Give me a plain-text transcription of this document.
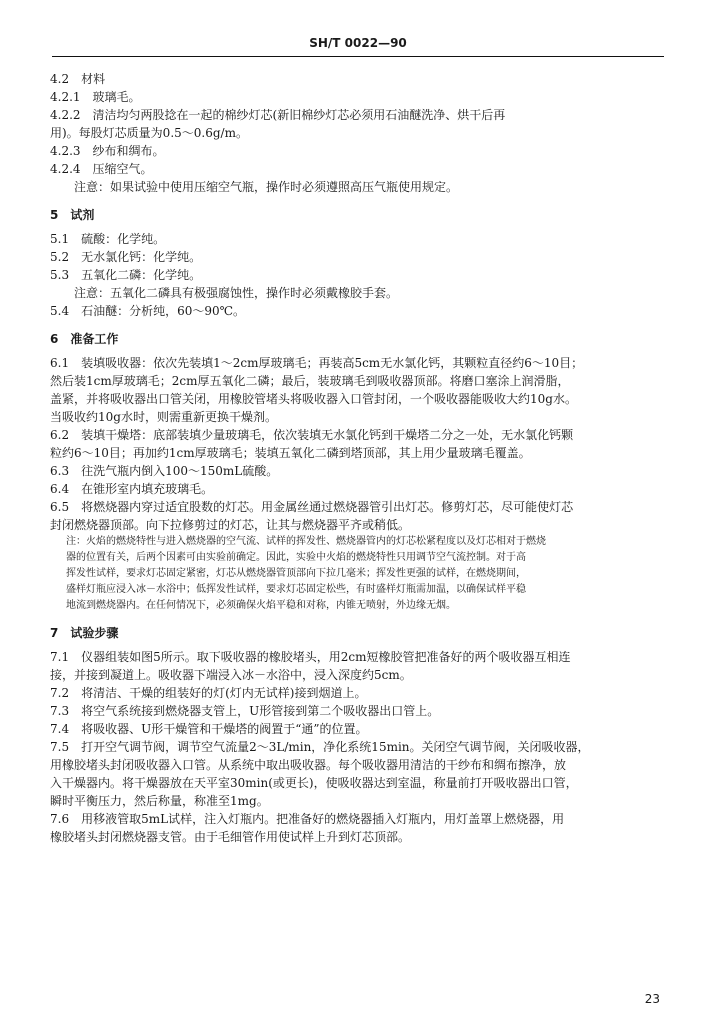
SH/T 0022—90

4.2　材料

4.2.1　玻璃毛。

4.2.2　清洁均匀两股捻在一起的棉纱灯芯(新旧棉纱灯芯必须用石油醚洗净、烘干后再

用)。每股灯芯质量为0.5～0.6g/m。

4.2.3　纱布和绸布。

4.2.4　压缩空气。

注意：如果试验中使用压缩空气瓶，操作时必须遵照高压气瓶使用规定。

5　试剂

5.1　硫酸：化学纯。

5.2　无水氯化钙：化学纯。

5.3　五氧化二磷：化学纯。

注意：五氧化二磷具有极强腐蚀性，操作时必须戴橡胶手套。

5.4　石油醚：分析纯，60～90℃。

6　准备工作

6.1　装填吸收器：依次先装填1～2cm厚玻璃毛；再装高5cm无水氯化钙，其颗粒直径约6～10目；

然后装1cm厚玻璃毛；2cm厚五氧化二磷；最后，装玻璃毛到吸收器顶部。将磨口塞涂上润滑脂，

盖紧，并将吸收器出口管关闭，用橡胶管堵头将吸收器入口管封闭，一个吸收器能吸收大约10g水。

当吸收约10g水时，则需重新更换干燥剂。

6.2　装填干燥塔：底部装填少量玻璃毛，依次装填无水氯化钙到干燥塔二分之一处，无水氯化钙颗

粒约6～10目；再加约1cm厚玻璃毛；装填五氧化二磷到塔顶部，其上用少量玻璃毛覆盖。

6.3　往洗气瓶内倒入100～150mL硫酸。

6.4　在锥形室内填充玻璃毛。

6.5　将燃烧器内穿过适宜股数的灯芯。用金属丝通过燃烧器管引出灯芯。修剪灯芯，尽可能使灯芯

封闭燃烧器顶部。向下拉修剪过的灯芯，让其与燃烧器平齐或稍低。

注：火焰的燃烧特性与进入燃烧器的空气流、试样的挥发性、燃烧器管内的灯芯松紧程度以及灯芯相对于燃烧

器的位置有关，后两个因素可由实验前确定。因此，实验中火焰的燃烧特性只用调节空气流控制。对于高

挥发性试样，要求灯芯固定紧密，灯芯从燃烧器管顶部向下拉几毫米；挥发性更强的试样，在燃烧期间，

盛样灯瓶应浸入冰－水浴中；低挥发性试样，要求灯芯固定松些，有时盛样灯瓶需加温，以确保试样平稳

地流到燃烧器内。在任何情况下，必须确保火焰平稳和对称，内锥无喷射，外边缘无烟。

7　试验步骤

7.1　仪器组装如图5所示。取下吸收器的橡胶堵头，用2cm短橡胶管把准备好的两个吸收器互相连

接，并接到凝道上。吸收器下端浸入冰－水浴中，浸入深度约5cm。

7.2　将清洁、干燥的组装好的灯(灯内无试样)接到烟道上。

7.3　将空气系统接到燃烧器支管上，U形管接到第二个吸收器出口管上。

7.4　将吸收器、U形干燥管和干燥塔的阀置于“通”的位置。

7.5　打开空气调节阀，调节空气流量2～3L/min，净化系统15min。关闭空气调节阀，关闭吸收器，

用橡胶堵头封闭吸收器入口管。从系统中取出吸收器。每个吸收器用清洁的干纱布和绸布擦净，放

入干燥器内。将干燥器放在天平室30min(或更长)，使吸收器达到室温，称量前打开吸收器出口管，

瞬时平衡压力，然后称量，称准至1mg。

7.6　用移液管取5mL试样，注入灯瓶内。把准备好的燃烧器插入灯瓶内，用灯盖罩上燃烧器，用

橡胶堵头封闭燃烧器支管。由于毛细管作用使试样上升到灯芯顶部。

23
